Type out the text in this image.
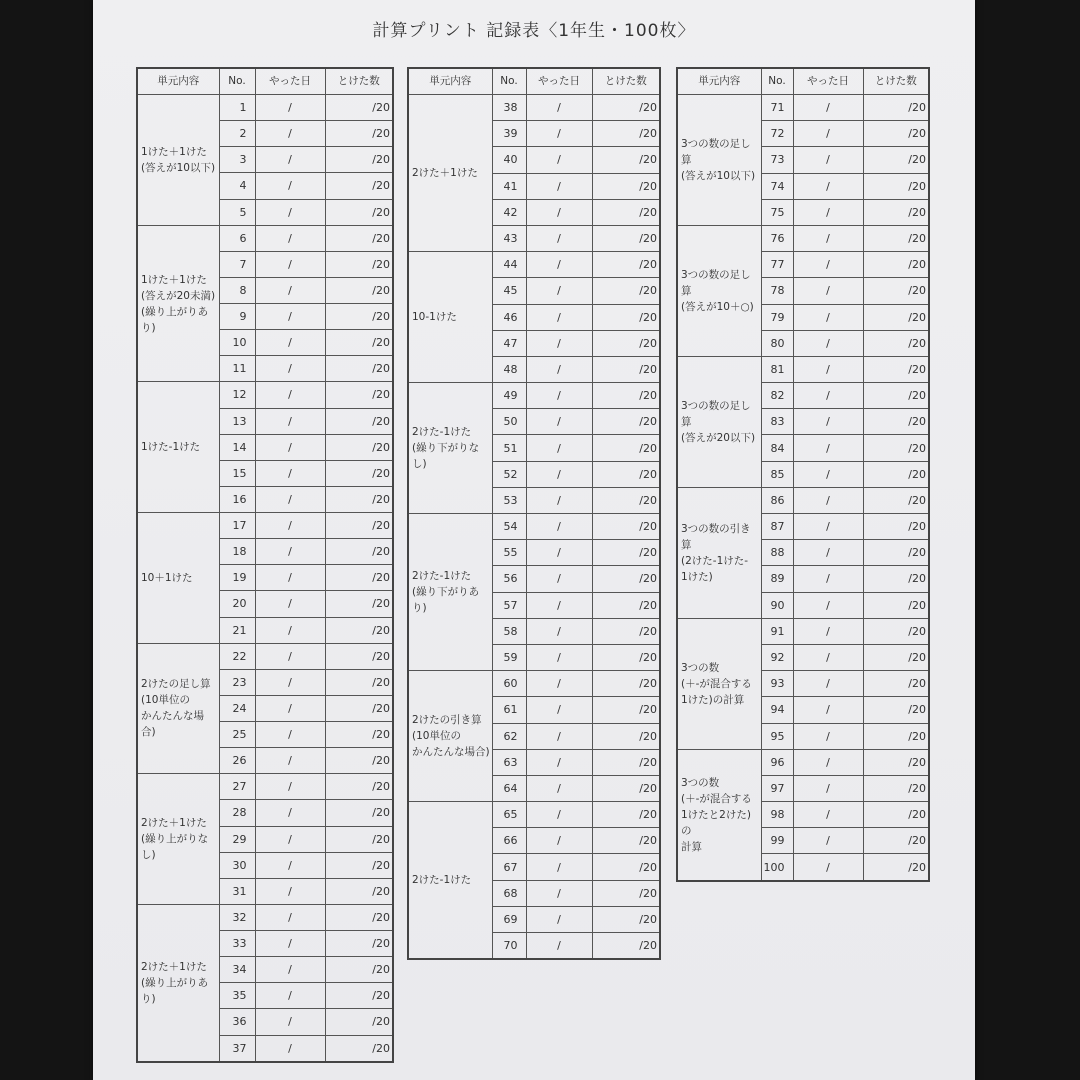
計算プリント 記録表〈1年生・100枚〉
単元内容	No.	やった日	とけた数
1けた＋1けた
(答えが10以下)	1	/	/20
	2	/	/20
	3	/	/20
	4	/	/20
	5	/	/20
1けた＋1けた
(答えが20未満)
(繰り上がりあり)	6	/	/20
	7	/	/20
	8	/	/20
	9	/	/20
	10	/	/20
	11	/	/20
1けた-1けた	12	/	/20
	13	/	/20
	14	/	/20
	15	/	/20
	16	/	/20
10＋1けた	17	/	/20
	18	/	/20
	19	/	/20
	20	/	/20
	21	/	/20
2けたの足し算
(10単位の
かんたんな場合)	22	/	/20
	23	/	/20
	24	/	/20
	25	/	/20
	26	/	/20
2けた＋1けた
(繰り上がりなし)	27	/	/20
	28	/	/20
	29	/	/20
	30	/	/20
	31	/	/20
2けた＋1けた
(繰り上がりあり)	32	/	/20
	33	/	/20
	34	/	/20
	35	/	/20
	36	/	/20
	37	/	/20
単元内容	No.	やった日	とけた数
2けた＋1けた	38	/	/20
	39	/	/20
	40	/	/20
	41	/	/20
	42	/	/20
	43	/	/20
10-1けた	44	/	/20
	45	/	/20
	46	/	/20
	47	/	/20
	48	/	/20
2けた-1けた
(繰り下がりなし)	49	/	/20
	50	/	/20
	51	/	/20
	52	/	/20
	53	/	/20
2けた-1けた
(繰り下がりあり)	54	/	/20
	55	/	/20
	56	/	/20
	57	/	/20
	58	/	/20
	59	/	/20
2けたの引き算
(10単位の
かんたんな場合)	60	/	/20
	61	/	/20
	62	/	/20
	63	/	/20
	64	/	/20
2けた-1けた	65	/	/20
	66	/	/20
	67	/	/20
	68	/	/20
	69	/	/20
	70	/	/20
単元内容	No.	やった日	とけた数
3つの数の足し算
(答えが10以下)	71	/	/20
	72	/	/20
	73	/	/20
	74	/	/20
	75	/	/20
3つの数の足し算
(答えが10＋○)	76	/	/20
	77	/	/20
	78	/	/20
	79	/	/20
	80	/	/20
3つの数の足し算
(答えが20以下)	81	/	/20
	82	/	/20
	83	/	/20
	84	/	/20
	85	/	/20
3つの数の引き算
(2けた-1けた-
1けた)	86	/	/20
	87	/	/20
	88	/	/20
	89	/	/20
	90	/	/20
3つの数
(＋-が混合する
1けた)の計算	91	/	/20
	92	/	/20
	93	/	/20
	94	/	/20
	95	/	/20
3つの数
(＋-が混合する
1けたと2けた)の
計算	96	/	/20
	97	/	/20
	98	/	/20
	99	/	/20
	100	/	/20
